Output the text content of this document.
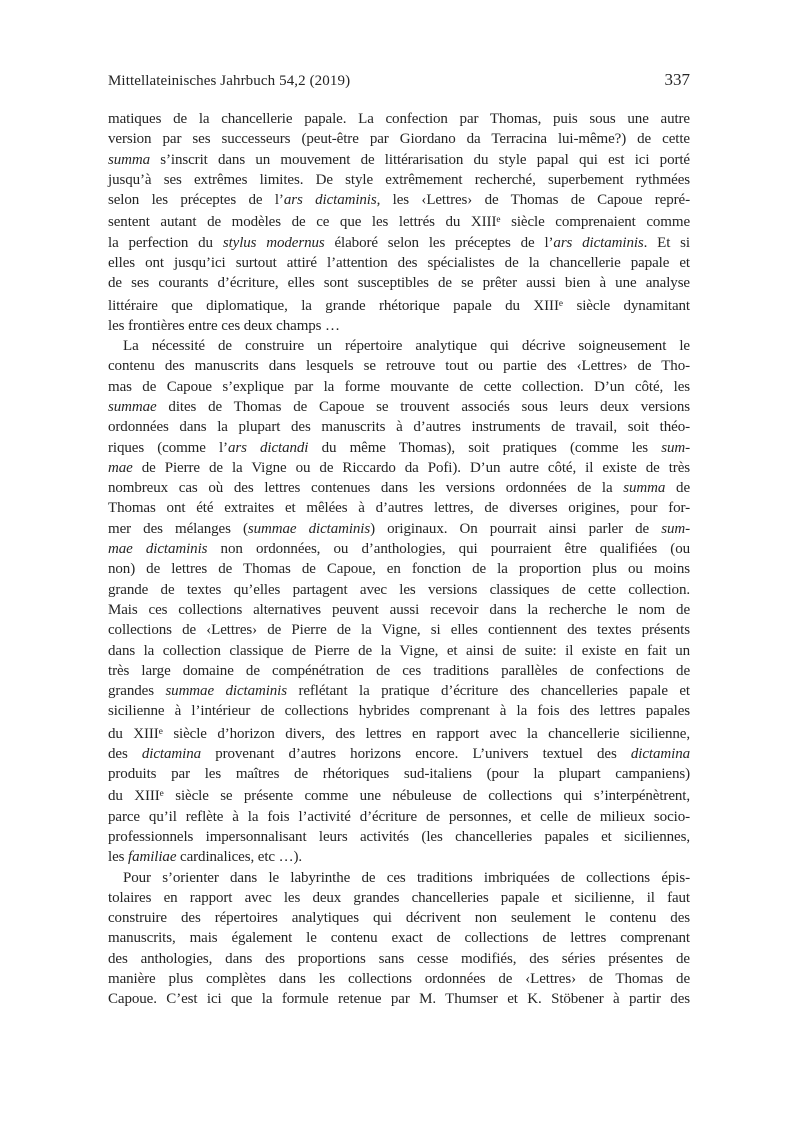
Mittellateinisches Jahrbuch 54,2 (2019)	337
matiques de la chancellerie papale. La confection par Thomas, puis sous une autre
version par ses successeurs (peut-être par Giordano da Terracina lui-même?) de cette
summa s’inscrit dans un mouvement de littérarisation du style papal qui est ici porté
jusqu’à ses extrêmes limites. De style extrêmement recherché, superbement rythmées
selon les préceptes de l’ars dictaminis, les ‹Lettres› de Thomas de Capoue repré-
sentent autant de modèles de ce que les lettrés du XIIIe siècle comprenaient comme
la perfection du stylus modernus élaboré selon les préceptes de l’ars dictaminis. Et si
elles ont jusqu’ici surtout attiré l’attention des spécialistes de la chancellerie papale et
de ses courants d’écriture, elles sont susceptibles de se prêter aussi bien à une analyse
littéraire que diplomatique, la grande rhétorique papale du XIIIe siècle dynamitant
les frontières entre ces deux champs …
La nécessité de construire un répertoire analytique qui décrive soigneusement le
contenu des manuscrits dans lesquels se retrouve tout ou partie des ‹Lettres› de Tho-
mas de Capoue s’explique par la forme mouvante de cette collection. D’un côté, les
summae dites de Thomas de Capoue se trouvent associés sous leurs deux versions
ordonnées dans la plupart des manuscrits à d’autres instruments de travail, soit théo-
riques (comme l’ars dictandi du même Thomas), soit pratiques (comme les sum-
mae de Pierre de la Vigne ou de Riccardo da Pofi). D’un autre côté, il existe de très
nombreux cas où des lettres contenues dans les versions ordonnées de la summa de
Thomas ont été extraites et mêlées à d’autres lettres, de diverses origines, pour for-
mer des mélanges (summae dictaminis) originaux. On pourrait ainsi parler de sum-
mae dictaminis non ordonnées, ou d’anthologies, qui pourraient être qualifiées (ou
non) de lettres de Thomas de Capoue, en fonction de la proportion plus ou moins
grande de textes qu’elles partagent avec les versions classiques de cette collection.
Mais ces collections alternatives peuvent aussi recevoir dans la recherche le nom de
collections de ‹Lettres› de Pierre de la Vigne, si elles contiennent des textes présents
dans la collection classique de Pierre de la Vigne, et ainsi de suite: il existe en fait un
très large domaine de compénétration de ces traditions parallèles de confections de
grandes summae dictaminis reflétant la pratique d’écriture des chancelleries papale et
sicilienne à l’intérieur de collections hybrides comprenant à la fois des lettres papales
du XIIIe siècle d’horizon divers, des lettres en rapport avec la chancellerie sicilienne,
des dictamina provenant d’autres horizons encore. L’univers textuel des dictamina
produits par les maîtres de rhétoriques sud-italiens (pour la plupart campaniens)
du XIIIe siècle se présente comme une nébuleuse de collections qui s’interpénètrent,
parce qu’il reflète à la fois l’activité d’écriture de personnes, et celle de milieux socio-
professionnels impersonnalisant leurs activités (les chancelleries papales et siciliennes,
les familiae cardinalices, etc …).
Pour s’orienter dans le labyrinthe de ces traditions imbriquées de collections épis-
tolaires en rapport avec les deux grandes chancelleries papale et sicilienne, il faut
construire des répertoires analytiques qui décrivent non seulement le contenu des
manuscrits, mais également le contenu exact de collections de lettres comprenant
des anthologies, dans des proportions sans cesse modifiés, des séries présentes de
manière plus complètes dans les collections ordonnées de ‹Lettres› de Thomas de
Capoue. C’est ici que la formule retenue par M. Thumser et K. Stöbener à partir des
